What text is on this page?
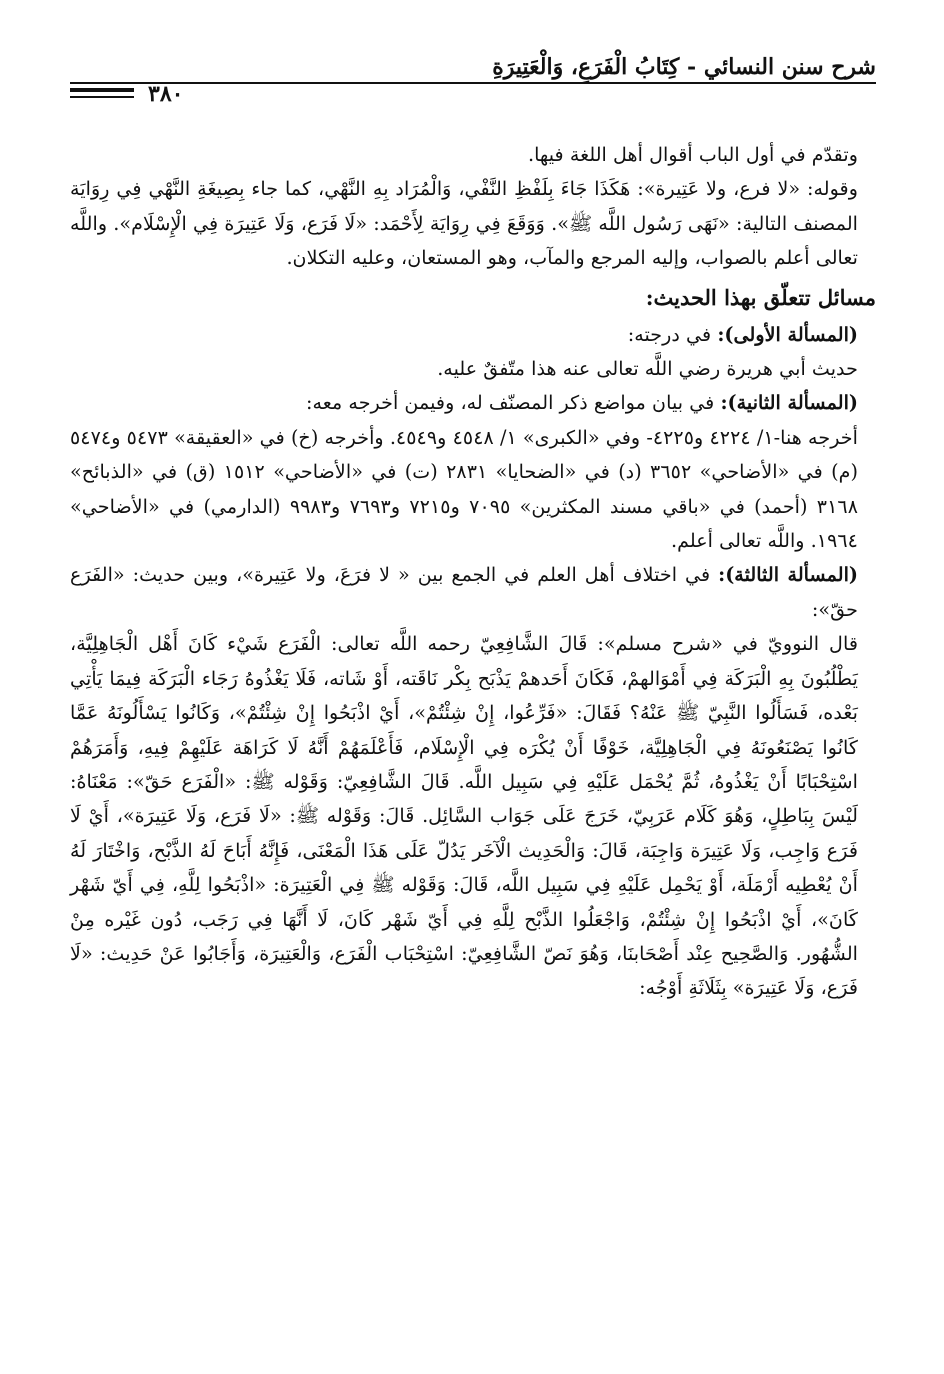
شرح سنن النسائي - كِتَابُ الْفَرَعِ، وَالْعَتِيرَةِ
٣٨٠

وتقدّم في أول الباب أقوال أهل اللغة فيها.

وقوله: «لا فرع، ولا عَتِيرة»: هَكَذَا جَاءَ بِلَفْظِ النَّفْي، وَالْمُرَاد بِهِ النَّهْي، كما جاء بِصِيغَةِ النَّهْي فِي رِوَايَة المصنف التالية: «نَهَى رَسُول اللَّه ﷺ». وَوَقَعَ فِي رِوَايَة لِأَحْمَد: «لَا فَرَع، وَلَا عَتِيرَة فِي الْإِسْلَام». واللَّه تعالى أعلم بالصواب، وإليه المرجع والمآب، وهو المستعان، وعليه التكلان.

مسائل تتعلّق بهذا الحديث:

(المسألة الأولى): في درجته:

حديث أبي هريرة رضي اللَّه تعالى عنه هذا متّفقٌ عليه.

(المسألة الثانية): في بيان مواضع ذكر المصنّف له، وفيمن أخرجه معه:

أخرجه هنا-١/ ٤٢٢٤ و٤٢٢٥- وفي «الكبرى» ١/ ٤٥٤٨ و٤٥٤٩. وأخرجه (خ) في «العقيقة» ٥٤٧٣ و٥٤٧٤ (م) في «الأضاحي» ٣٦٥٢ (د) في «الضحايا» ٢٨٣١ (ت) في «الأضاحي» ١٥١٢ (ق) في «الذبائح» ٣١٦٨ (أحمد) في «باقي مسند المكثرين» ٧٠٩٥ و٧٢١٥ و٧٦٩٣ و٩٩٨٣ (الدارمي) في «الأضاحي» ١٩٦٤. واللَّه تعالى أعلم.

(المسألة الثالثة): في اختلاف أهل العلم في الجمع بين « لا فرَعَ، ولا عَتِيرة»، وبين حديث: «الفَرَع حقّ»:

قال النوويّ في «شرح مسلم»: قَالَ الشَّافِعِيّ رحمه اللَّه تعالى: الْفَرَع شَيْء كَانَ أَهْل الْجَاهِلِيَّة، يَطْلُبُونَ بِهِ الْبَرَكَة فِي أَمْوَالهمْ، فَكَانَ أَحَدهمْ يَذْبَح بِكْر نَاقَته، أَوْ شَاته، فَلَا يَغْذُوهُ رَجَاء الْبَرَكَة فِيمَا يَأْتِي بَعْده، فَسَأَلُوا النَّبِيّ ﷺ عَنْهُ؟ فَقَالَ: «فَرِّعُوا، إِنْ شِئْتُمْ»، أَيْ اذْبَحُوا إِنْ شِئْتُمْ»، وَكَانُوا يَسْأَلُونَهُ عَمَّا كَانُوا يَصْنَعُونَهُ فِي الْجَاهِلِيَّة، خَوْفًا أَنْ يُكْرَه فِي الْإِسْلَام، فَأَعْلَمَهُمْ أَنَّهُ لَا كَرَاهَة عَلَيْهِمْ فِيهِ، وَأَمَرَهُمْ اسْتِحْبَابًا أَنْ يَغْذُوهُ، ثُمَّ يُحْمَل عَلَيْهِ فِي سَبِيل اللَّه. قَالَ الشَّافِعِيّ: وَقَوْله ﷺ: «الْفَرَع حَقّ»: مَعْنَاهُ: لَيْسَ بِبَاطِلٍ، وَهُوَ كَلَام عَرَبِيّ، خَرَجَ عَلَى جَوَاب السَّائِل. قَالَ: وَقَوْله ﷺ: «لَا فَرَع، وَلَا عَتِيرَة»، أَيْ لَا فَرَع وَاجِب، وَلَا عَتِيرَة وَاجِبَة، قَالَ: وَالْحَدِيث الْآخَر يَدُلّ عَلَى هَذَا الْمَعْنَى، فَإِنَّهُ أَبَاحَ لَهُ الذَّبْح، وَاخْتَارَ لَهُ أَنْ يُعْطِيه أَرْمَلَة، أَوْ يَحْمِل عَلَيْهِ فِي سَبِيل اللَّه، قَالَ: وَقَوْله ﷺ فِي الْعَتِيرَة: «اذْبَحُوا لِلَّهِ، فِي أَيّ شَهْر كَانَ»، أَيْ اذْبَحُوا إِنْ شِئْتُمْ، وَاجْعَلُوا الذَّبْح لِلَّهِ فِي أَيّ شَهْر كَانَ، لَا أَنَّهَا فِي رَجَب، دُون غَيْره مِنْ الشُّهُور. وَالصَّحِيح عِنْد أَصْحَابنَا، وَهُوَ نَصّ الشَّافِعِيّ: اسْتِحْبَاب الْفَرَع، وَالْعَتِيرَة، وَأَجَابُوا عَنْ حَدِيث: «لَا فَرَع، وَلَا عَتِيرَة» بِثَلَاثَةِ أَوْجُه:
